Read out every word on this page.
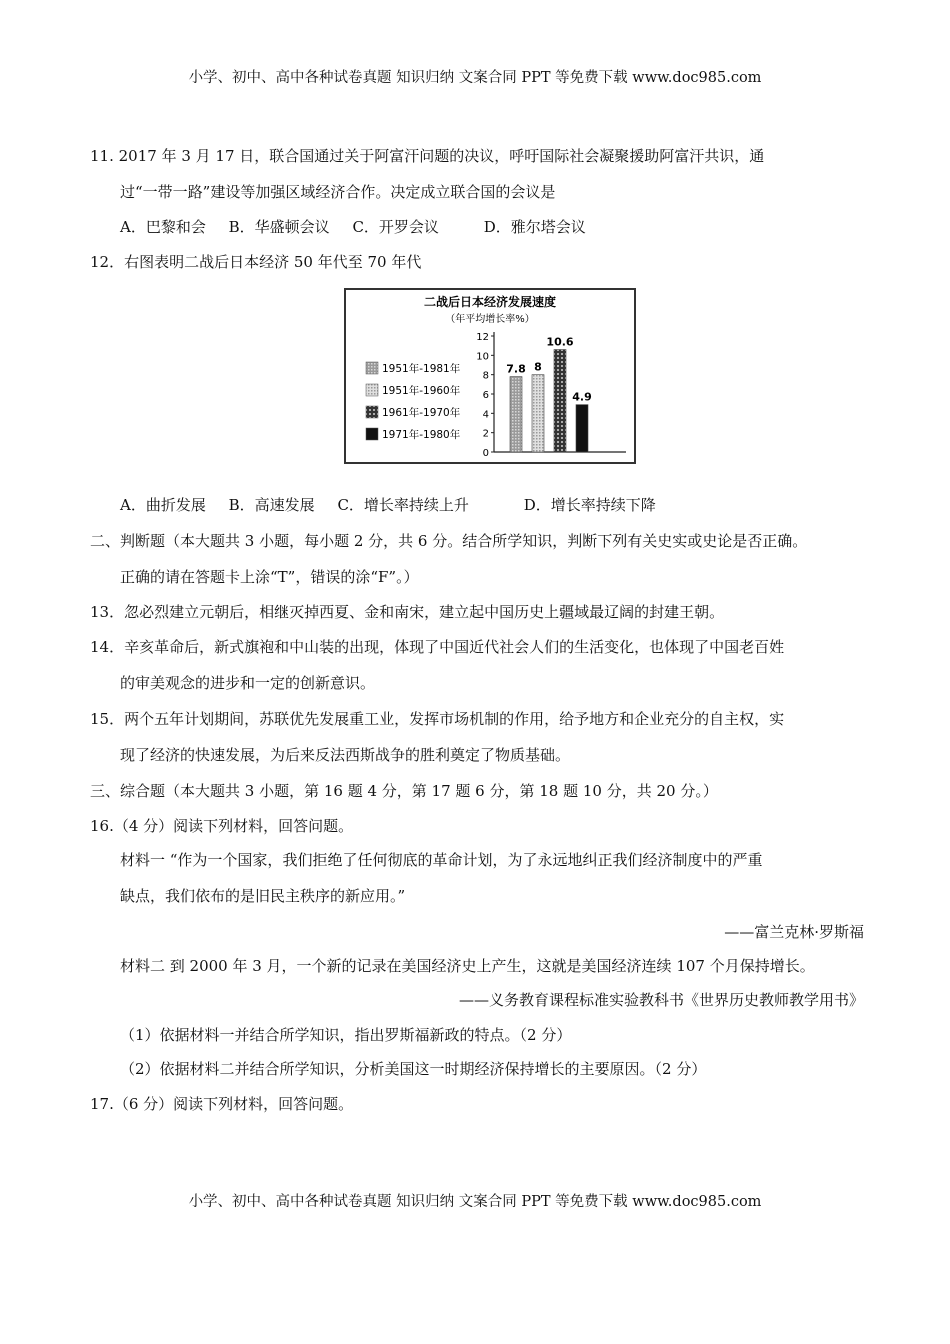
小学、初中、高中各种试卷真题 知识归纳 文案合同 PPT 等免费下载 www.doc985.com
11. 2017 年 3 月 17 日，联合国通过关于阿富汗问题的决议，呼吁国际社会凝聚援助阿富汗共识，通
过“一带一路”建设等加强区域经济合作。决定成立联合国的会议是
A．巴黎和会 B．华盛顿会议 C．开罗会议	D．雅尔塔会议
12．右图表明二战后日本经济 50 年代至 70 年代
二战后日本经济发展速度
（年平均增长率%）
1951年-1981年
1951年-1960年
1961年-1970年
1971年-1980年
0
2
4
6
8
10
12
7.8 8
10.6
4.9
A．曲折发展 B．高速发展 C．增长率持续上升	D．增长率持续下降
二、判断题（本大题共 3 小题，每小题 2 分，共 6 分。结合所学知识，判断下列有关史实或史论是否正确。
正确的请在答题卡上涂“T”，错误的涂“F”。）
13．忽必烈建立元朝后，相继灭掉西夏、金和南宋，建立起中国历史上疆域最辽阔的封建王朝。
14．辛亥革命后，新式旗袍和中山装的出现，体现了中国近代社会人们的生活变化，也体现了中国老百姓
的审美观念的进步和一定的创新意识。
15．两个五年计划期间，苏联优先发展重工业，发挥市场机制的作用，给予地方和企业充分的自主权，实
现了经济的快速发展，为后来反法西斯战争的胜利奠定了物质基础。
三、综合题（本大题共 3 小题，第 16 题 4 分，第 17 题 6 分，第 18 题 10 分，共 20 分。）
16.（4 分）阅读下列材料，回答问题。
材料一 “作为一个国家，我们拒绝了任何彻底的革命计划，为了永远地纠正我们经济制度中的严重
缺点，我们依布的是旧民主秩序的新应用。”
——富兰克林·罗斯福
材料二 到 2000 年 3 月，一个新的记录在美国经济史上产生，这就是美国经济连续 107 个月保持增长。
——义务教育课程标准实验教科书《世界历史教师教学用书》
（1）依据材料一并结合所学知识，指出罗斯福新政的特点。（2 分）
（2）依据材料二并结合所学知识，分析美国这一时期经济保持增长的主要原因。（2 分）
17.（6 分）阅读下列材料，回答问题。
小学、初中、高中各种试卷真题 知识归纳 文案合同 PPT 等免费下载 www.doc985.com
